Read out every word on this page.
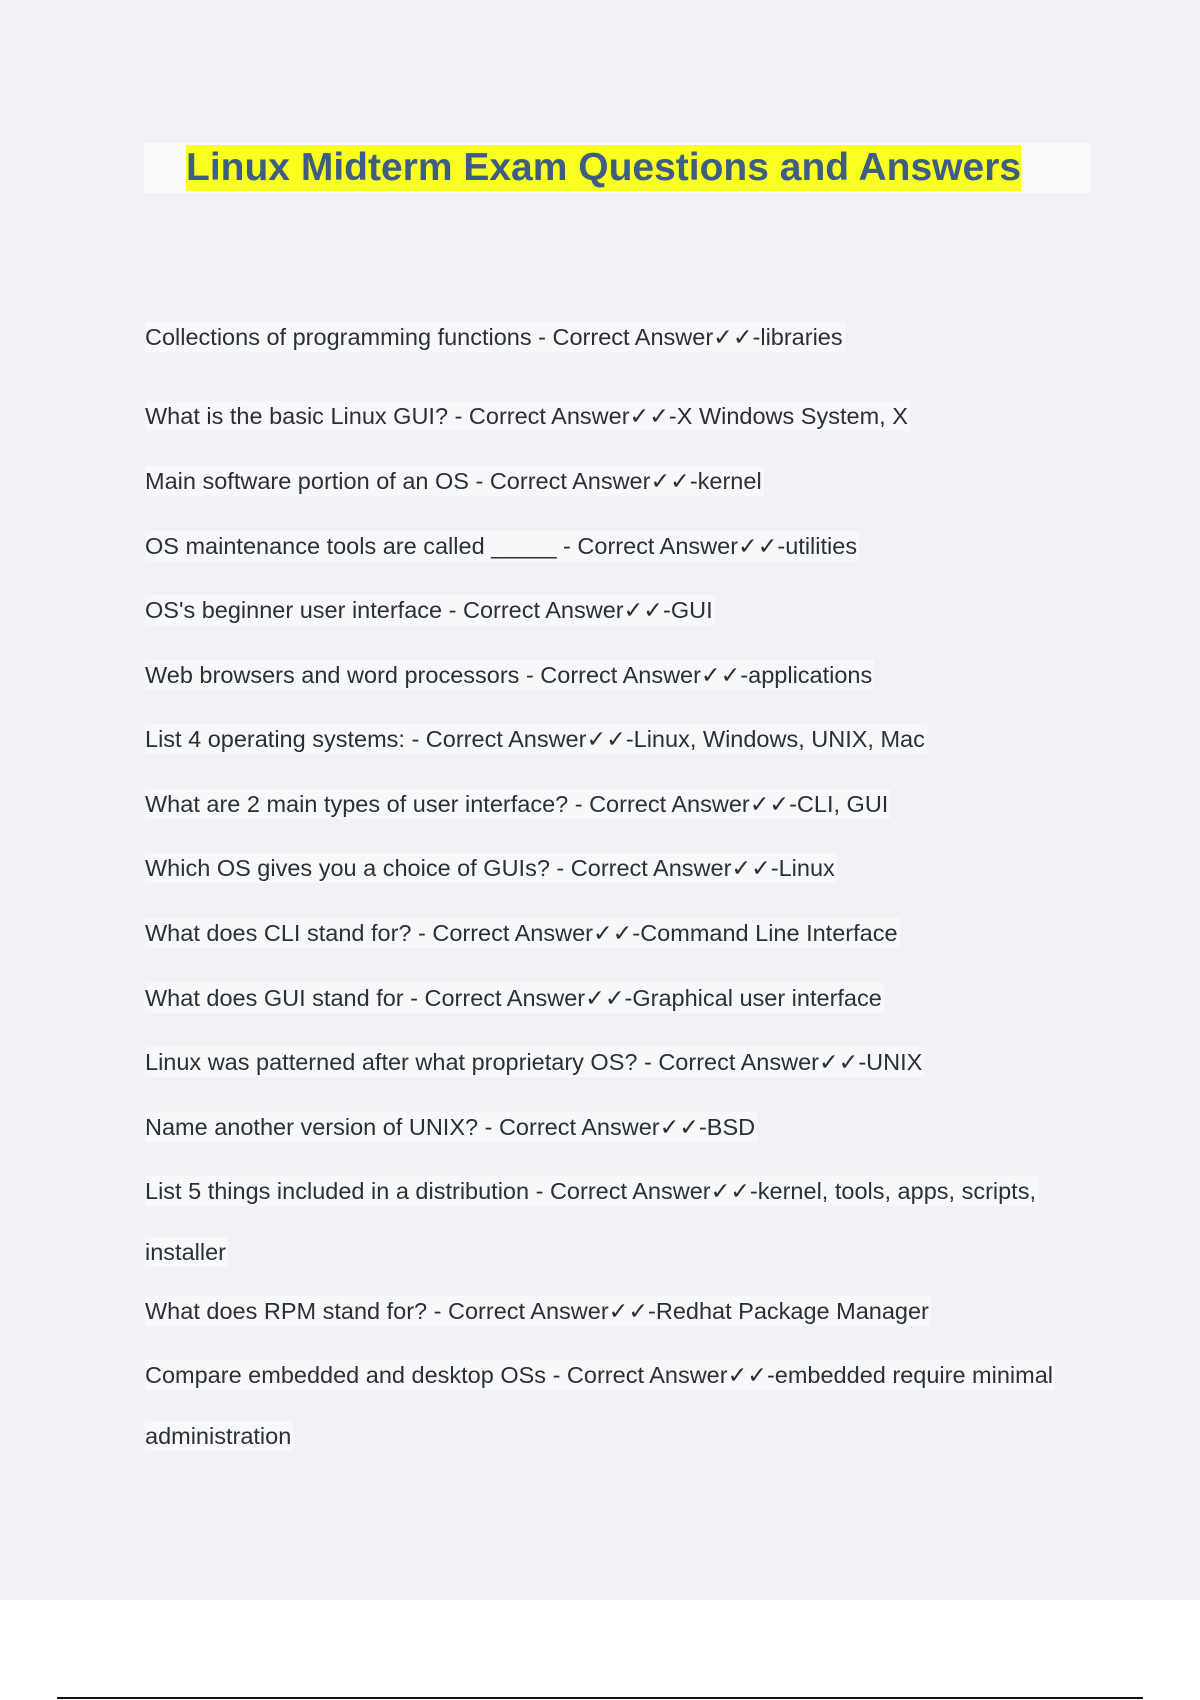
Linux Midterm Exam Questions and Answers
Collections of programming functions - Correct Answer✓✓-libraries
What is the basic Linux GUI? - Correct Answer✓✓-X Windows System, X
Main software portion of an OS - Correct Answer✓✓-kernel
OS maintenance tools are called _____ - Correct Answer✓✓-utilities
OS's beginner user interface - Correct Answer✓✓-GUI
Web browsers and word processors - Correct Answer✓✓-applications
List 4 operating systems: - Correct Answer✓✓-Linux, Windows, UNIX, Mac
What are 2 main types of user interface? - Correct Answer✓✓-CLI, GUI
Which OS gives you a choice of GUIs? - Correct Answer✓✓-Linux
What does CLI stand for? - Correct Answer✓✓-Command Line Interface
What does GUI stand for - Correct Answer✓✓-Graphical user interface
Linux was patterned after what proprietary OS? - Correct Answer✓✓-UNIX
Name another version of UNIX? - Correct Answer✓✓-BSD
List 5 things included in a distribution - Correct Answer✓✓-kernel, tools, apps, scripts,
installer
What does RPM stand for? - Correct Answer✓✓-Redhat Package Manager
Compare embedded and desktop OSs - Correct Answer✓✓-embedded require minimal
administration
